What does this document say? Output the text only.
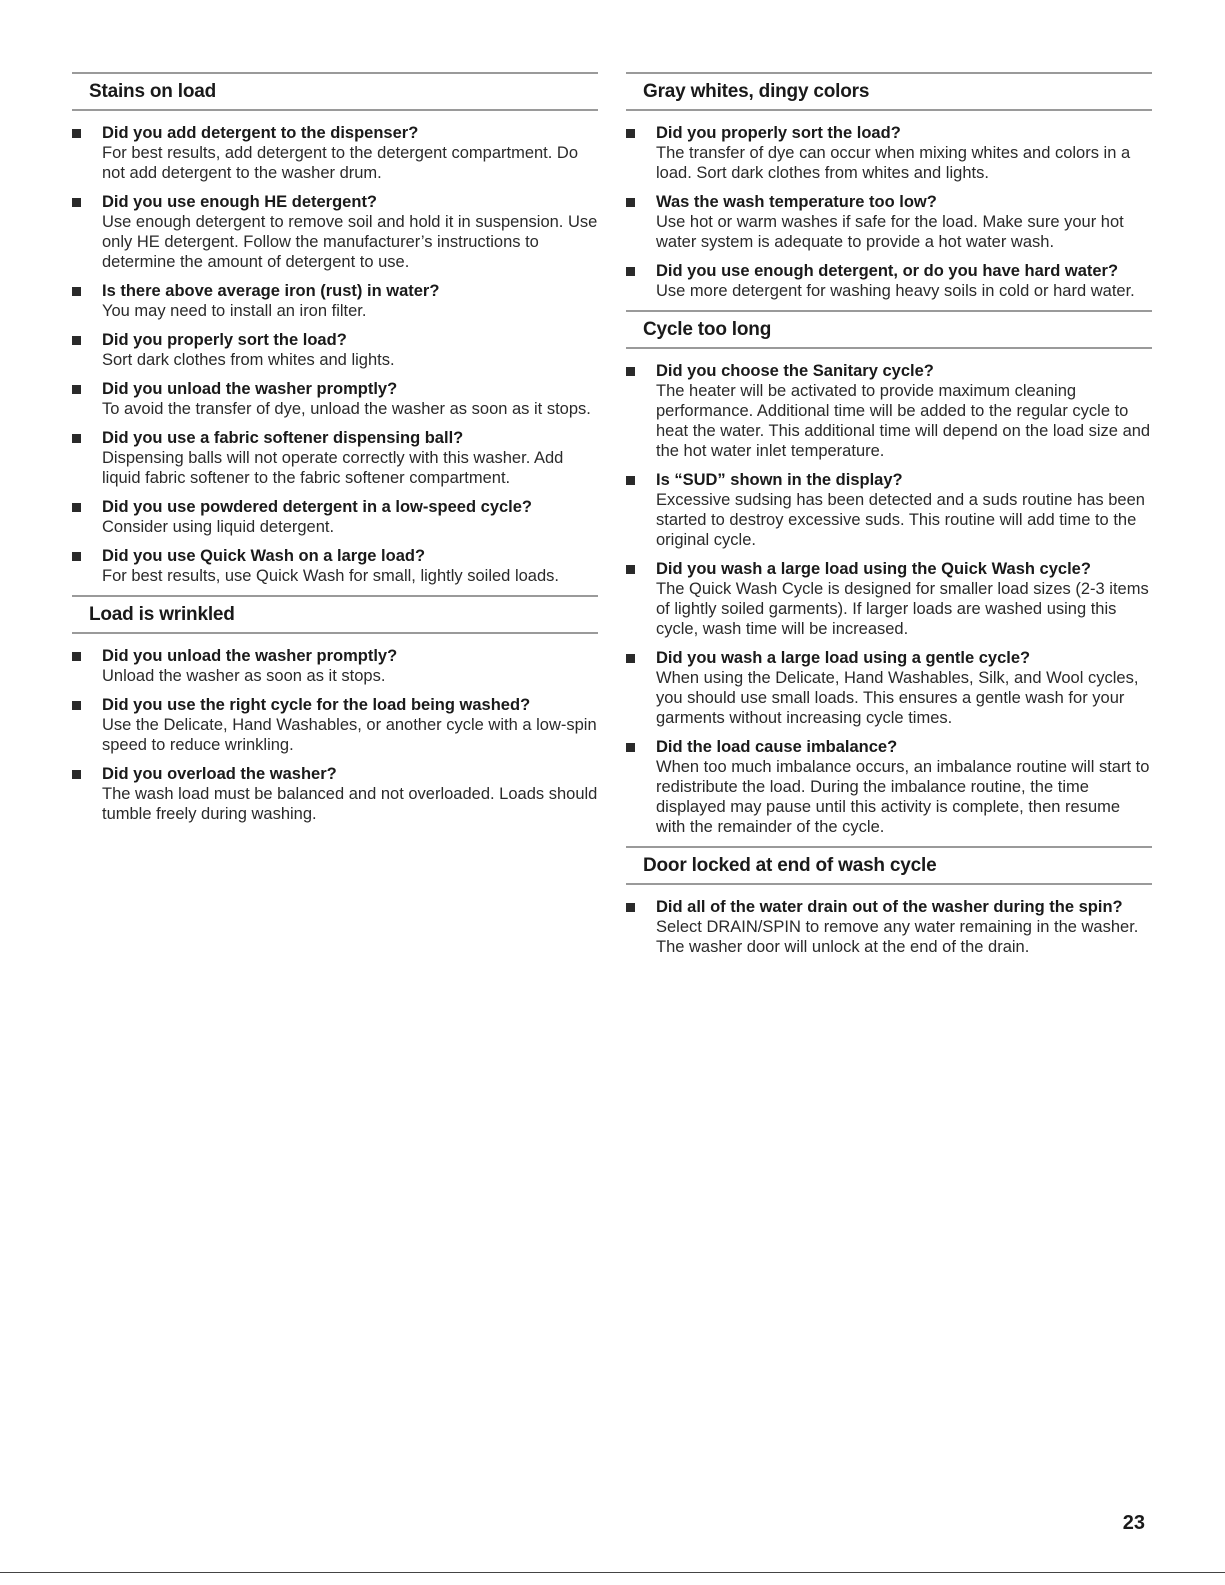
Stains on load
Did you add detergent to the dispenser?
For best results, add detergent to the detergent compartment. Do not add detergent to the washer drum.
Did you use enough HE detergent?
Use enough detergent to remove soil and hold it in suspension. Use only HE detergent. Follow the manufacturer’s instructions to determine the amount of detergent to use.
Is there above average iron (rust) in water?
You may need to install an iron filter.
Did you properly sort the load?
Sort dark clothes from whites and lights.
Did you unload the washer promptly?
To avoid the transfer of dye, unload the washer as soon as it stops.
Did you use a fabric softener dispensing ball?
Dispensing balls will not operate correctly with this washer. Add liquid fabric softener to the fabric softener compartment.
Did you use powdered detergent in a low-speed cycle?
Consider using liquid detergent.
Did you use Quick Wash on a large load?
For best results, use Quick Wash for small, lightly soiled loads.
Load is wrinkled
Did you unload the washer promptly?
Unload the washer as soon as it stops.
Did you use the right cycle for the load being washed?
Use the Delicate, Hand Washables, or another cycle with a low-spin speed to reduce wrinkling.
Did you overload the washer?
The wash load must be balanced and not overloaded. Loads should tumble freely during washing.
Gray whites, dingy colors
Did you properly sort the load?
The transfer of dye can occur when mixing whites and colors in a load. Sort dark clothes from whites and lights.
Was the wash temperature too low?
Use hot or warm washes if safe for the load. Make sure your hot water system is adequate to provide a hot water wash.
Did you use enough detergent, or do you have hard water?
Use more detergent for washing heavy soils in cold or hard water.
Cycle too long
Did you choose the Sanitary cycle?
The heater will be activated to provide maximum cleaning performance. Additional time will be added to the regular cycle to heat the water. This additional time will depend on the load size and the hot water inlet temperature.
Is “SUD” shown in the display?
Excessive sudsing has been detected and a suds routine has been started to destroy excessive suds. This routine will add time to the original cycle.
Did you wash a large load using the Quick Wash cycle?
The Quick Wash Cycle is designed for smaller load sizes (2-3 items of lightly soiled garments). If larger loads are washed using this cycle, wash time will be increased.
Did you wash a large load using a gentle cycle?
When using the Delicate, Hand Washables, Silk, and Wool cycles, you should use small loads. This ensures a gentle wash for your garments without increasing cycle times.
Did the load cause imbalance?
When too much imbalance occurs, an imbalance routine will start to redistribute the load. During the imbalance routine, the time displayed may pause until this activity is complete, then resume with the remainder of the cycle.
Door locked at end of wash cycle
Did all of the water drain out of the washer during the spin?
Select DRAIN/SPIN to remove any water remaining in the washer. The washer door will unlock at the end of the drain.
23
